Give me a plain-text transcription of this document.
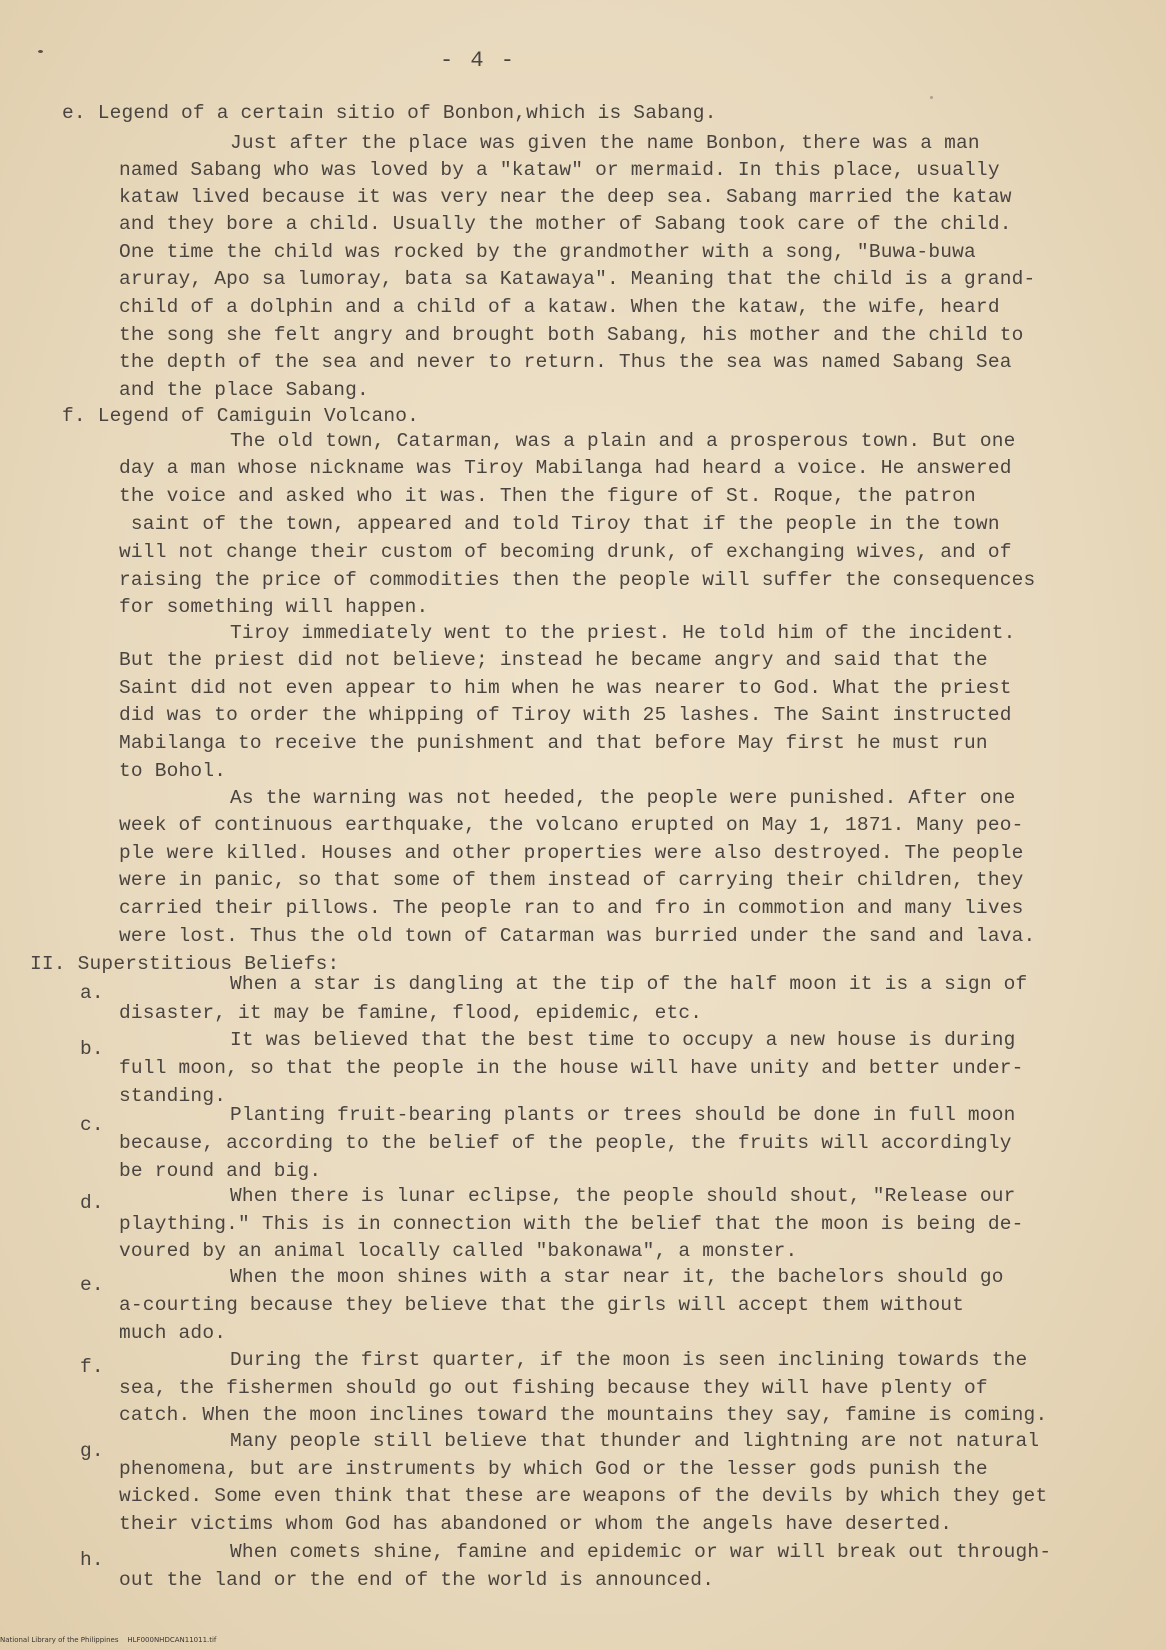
- 4 -
e. Legend of a certain sitio of Bonbon,which is Sabang.
Just after the place was given the name Bonbon, there was a man
named Sabang who was loved by a "kataw" or mermaid. In this place, usually
kataw lived because it was very near the deep sea. Sabang married the kataw
and they bore a child. Usually the mother of Sabang took care of the child.
One time the child was rocked by the grandmother with a song, "Buwa-buwa
aruray, Apo sa lumoray, bata sa Katawaya". Meaning that the child is a grand-
child of a dolphin and a child of a kataw. When the kataw, the wife, heard
the song she felt angry and brought both Sabang, his mother and the child to
the depth of the sea and never to return. Thus the sea was named Sabang Sea
and the place Sabang.
f. Legend of Camiguin Volcano.
The old town, Catarman, was a plain and a prosperous town. But one
day a man whose nickname was Tiroy Mabilanga had heard a voice. He answered
the voice and asked who it was. Then the figure of St. Roque, the patron
saint of the town, appeared and told Tiroy that if the people in the town
will not change their custom of becoming drunk, of exchanging wives, and of
raising the price of commodities then the people will suffer the consequences
for something will happen.
Tiroy immediately went to the priest. He told him of the incident.
But the priest did not believe; instead he became angry and said that the
Saint did not even appear to him when he was nearer to God. What the priest
did was to order the whipping of Tiroy with 25 lashes. The Saint instructed
Mabilanga to receive the punishment and that before May first he must run
to Bohol.
As the warning was not heeded, the people were punished. After one
week of continuous earthquake, the volcano erupted on May 1, 1871. Many peo-
ple were killed. Houses and other properties were also destroyed. The people
were in panic, so that some of them instead of carrying their children, they
carried their pillows. The people ran to and fro in commotion and many lives
were lost. Thus the old town of Catarman was burried under the sand and lava.
II. Superstitious Beliefs:
a.	When a star is dangling at the tip of the half moon it is a sign of
disaster, it may be famine, flood, epidemic, etc.
b.	It was believed that the best time to occupy a new house is during
full moon, so that the people in the house will have unity and better under-
standing.
c.	Planting fruit-bearing plants or trees should be done in full moon
because, according to the belief of the people, the fruits will accordingly
be round and big.
d.	When there is lunar eclipse, the people should shout, "Release our
plaything." This is in connection with the belief that the moon is being de-
voured by an animal locally called "bakonawa", a monster.
e.	When the moon shines with a star near it, the bachelors should go
a-courting because they believe that the girls will accept them without
much ado.
f.	During the first quarter, if the moon is seen inclining towards the
sea, the fishermen should go out fishing because they will have plenty of
catch. When the moon inclines toward the mountains they say, famine is coming.
g.	Many people still believe that thunder and lightning are not natural
phenomena, but are instruments by which God or the lesser gods punish the
wicked. Some even think that these are weapons of the devils by which they get
their victims whom God has abandoned or whom the angels have deserted.
h.	When comets shine, famine and epidemic or war will break out through-
out the land or the end of the world is announced.
National Library of the Philippines    HLF000NHDCAN11011.tif
